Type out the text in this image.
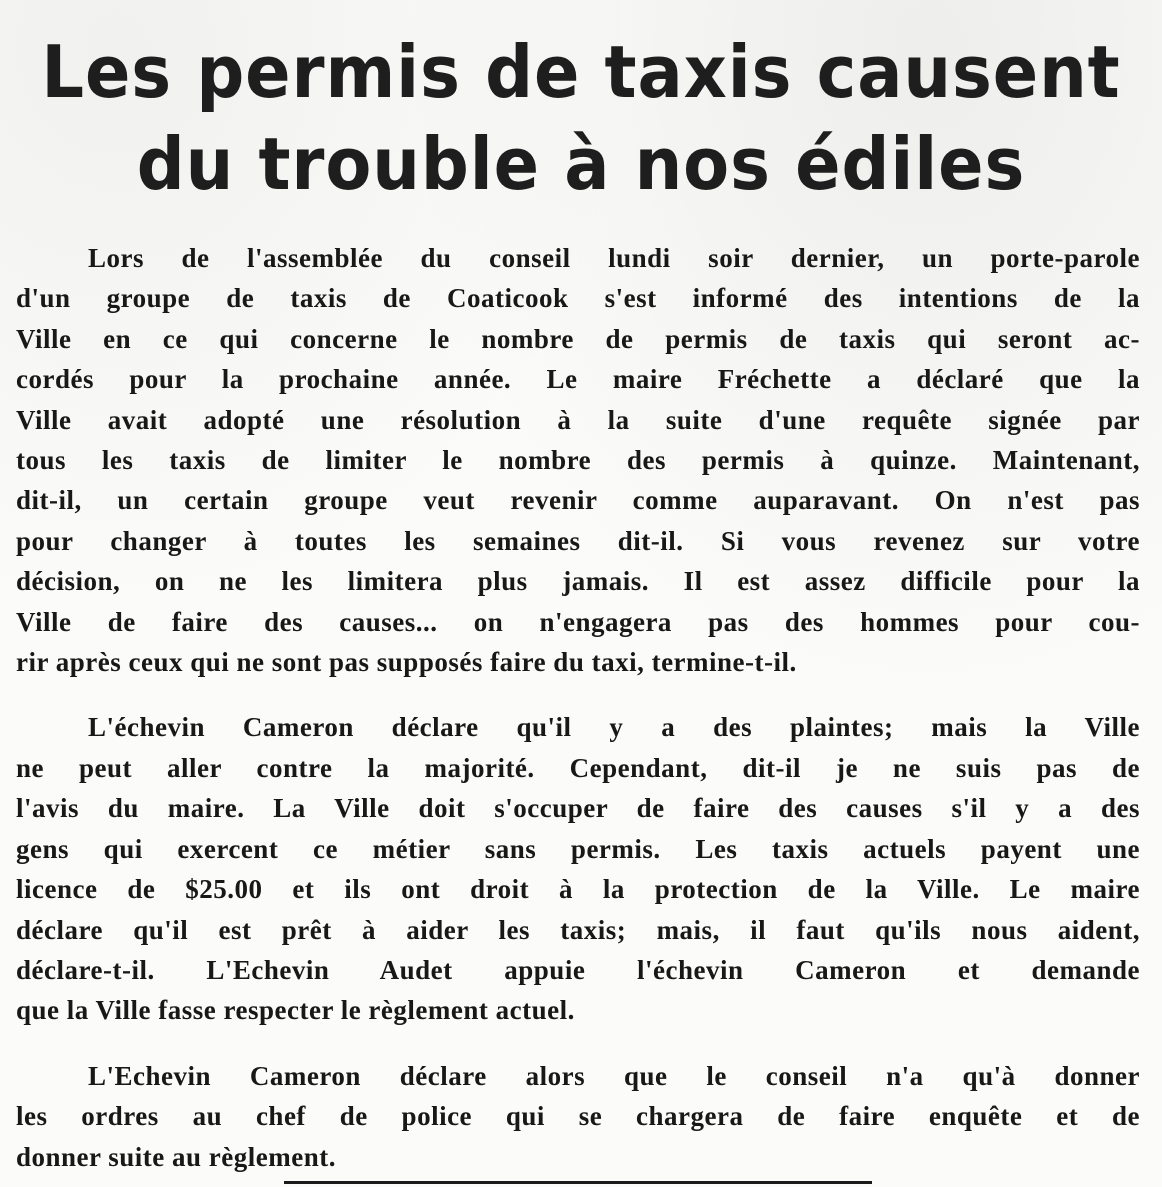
Les permis de taxis causent
du trouble à nos édiles

Lors de l'assemblée du conseil lundi soir dernier, un porte-parole
d'un groupe de taxis de Coaticook s'est informé des intentions de la
Ville en ce qui concerne le nombre de permis de taxis qui seront ac-
cordés pour la prochaine année. Le maire Fréchette a déclaré que la
Ville avait adopté une résolution à la suite d'une requête signée par
tous les taxis de limiter le nombre des permis à quinze. Maintenant,
dit-il, un certain groupe veut revenir comme auparavant. On n'est pas
pour changer à toutes les semaines dit-il. Si vous revenez sur votre
décision, on ne les limitera plus jamais. Il est assez difficile pour la
Ville de faire des causes... on n'engagera pas des hommes pour cou-
rir après ceux qui ne sont pas supposés faire du taxi, termine-t-il.

L'échevin Cameron déclare qu'il y a des plaintes; mais la Ville
ne peut aller contre la majorité. Cependant, dit-il je ne suis pas de
l'avis du maire. La Ville doit s'occuper de faire des causes s'il y a des
gens qui exercent ce métier sans permis. Les taxis actuels payent une
licence de $25.00 et ils ont droit à la protection de la Ville. Le maire
déclare qu'il est prêt à aider les taxis; mais, il faut qu'ils nous aident,
déclare-t-il. L'Echevin Audet appuie l'échevin Cameron et demande
que la Ville fasse respecter le règlement actuel.

L'Echevin Cameron déclare alors que le conseil n'a qu'à donner
les ordres au chef de police qui se chargera de faire enquête et de
donner suite au règlement.
